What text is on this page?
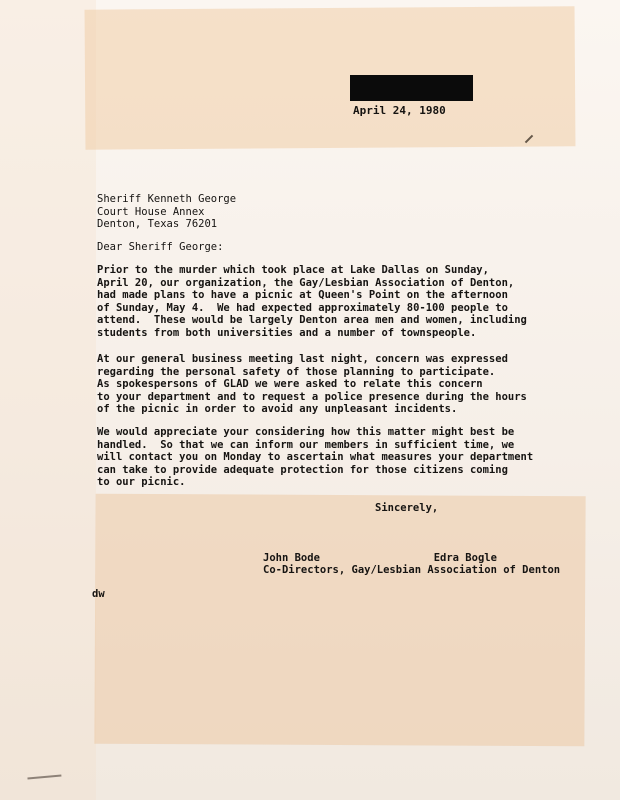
April 24, 1980
Sheriff Kenneth George
Court House Annex
Denton, Texas 76201
Dear Sheriff George:
Prior to the murder which took place at Lake Dallas on Sunday,
April 20, our organization, the Gay/Lesbian Association of Denton,
had made plans to have a picnic at Queen's Point on the afternoon
of Sunday, May 4.  We had expected approximately 80-100 people to
attend.  These would be largely Denton area men and women, including
students from both universities and a number of townspeople.
At our general business meeting last night, concern was expressed
regarding the personal safety of those planning to participate.
As spokespersons of GLAD we were asked to relate this concern
to your department and to request a police presence during the hours
of the picnic in order to avoid any unpleasant incidents.
We would appreciate your considering how this matter might best be
handled.  So that we can inform our members in sufficient time, we
will contact you on Monday to ascertain what measures your department
can take to provide adequate protection for those citizens coming
to our picnic.
Sincerely,
John Bode	Edra Bogle
Co-Directors, Gay/Lesbian Association of Denton
dw
